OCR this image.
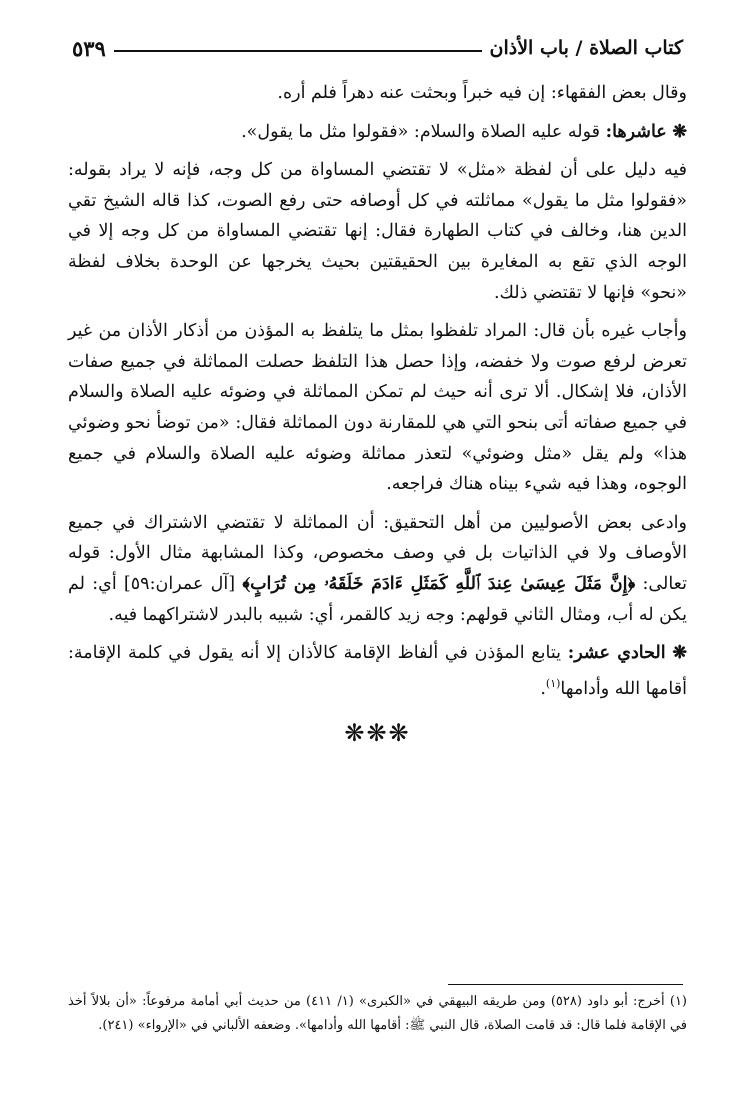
كتاب الصلاة / باب الأذان
٥٣٩

وقال بعض الفقهاء: إن فيه خبراً وبحثت عنه دهراً فلم أره.

❋ عاشرها: قوله عليه الصلاة والسلام: «فقولوا مثل ما يقول».

فيه دليل على أن لفظة «مثل» لا تقتضي المساواة من كل وجه، فإنه لا يراد بقوله: «فقولوا مثل ما يقول» مماثلته في كل أوصافه حتى رفع الصوت، كذا قاله الشيخ تقي الدين هنا، وخالف في كتاب الطهارة فقال: إنها تقتضي المساواة من كل وجه إلا في الوجه الذي تقع به المغايرة بين الحقيقتين بحيث يخرجها عن الوحدة بخلاف لفظة «نحو» فإنها لا تقتضي ذلك.

وأجاب غيره بأن قال: المراد تلفظوا بمثل ما يتلفظ به المؤذن من أذكار الأذان من غير تعرض لرفع صوت ولا خفضه، وإذا حصل هذا التلفظ حصلت المماثلة في جميع صفات الأذان، فلا إشكال. ألا ترى أنه حيث لم تمكن المماثلة في وضوئه عليه الصلاة والسلام في جميع صفاته أتى بنحو التي هي للمقارنة دون المماثلة فقال: «من توضأ نحو وضوئي هذا» ولم يقل «مثل وضوئي» لتعذر مماثلة وضوئه عليه الصلاة والسلام في جميع الوجوه، وهذا فيه شيء بيناه هناك فراجعه.

وادعى بعض الأصوليين من أهل التحقيق: أن المماثلة لا تقتضي الاشتراك في جميع الأوصاف ولا في الذاتيات بل في وصف مخصوص، وكذا المشابهة مثال الأول: قوله تعالى: ﴿إِنَّ مَثَلَ عِيسَىٰ عِندَ ٱللَّهِ كَمَثَلِ ءَادَمَ خَلَقَهُۥ مِن تُرَابٍ﴾ [آل عمران:٥٩] أي: لم يكن له أب، ومثال الثاني قولهم: وجه زيد كالقمر، أي: شبيه بالبدر لاشتراكهما فيه.

❋ الحادي عشر: يتابع المؤذن في ألفاظ الإقامة كالأذان إلا أنه يقول في كلمة الإقامة: أقامها الله وأدامها$^{(١)}$.

❋❋❋

(١) أخرج: أبو داود (٥٢٨) ومن طريقه البيهقي في «الكبرى» (١/ ٤١١) من حديث أبي أمامة مرفوعاً: «أن بلالاً أخذ في الإقامة فلما قال: قد قامت الصلاة، قال النبي ﷺ: أقامها الله وأدامها». وضعفه الألباني في «الإرواء» (٢٤١).
